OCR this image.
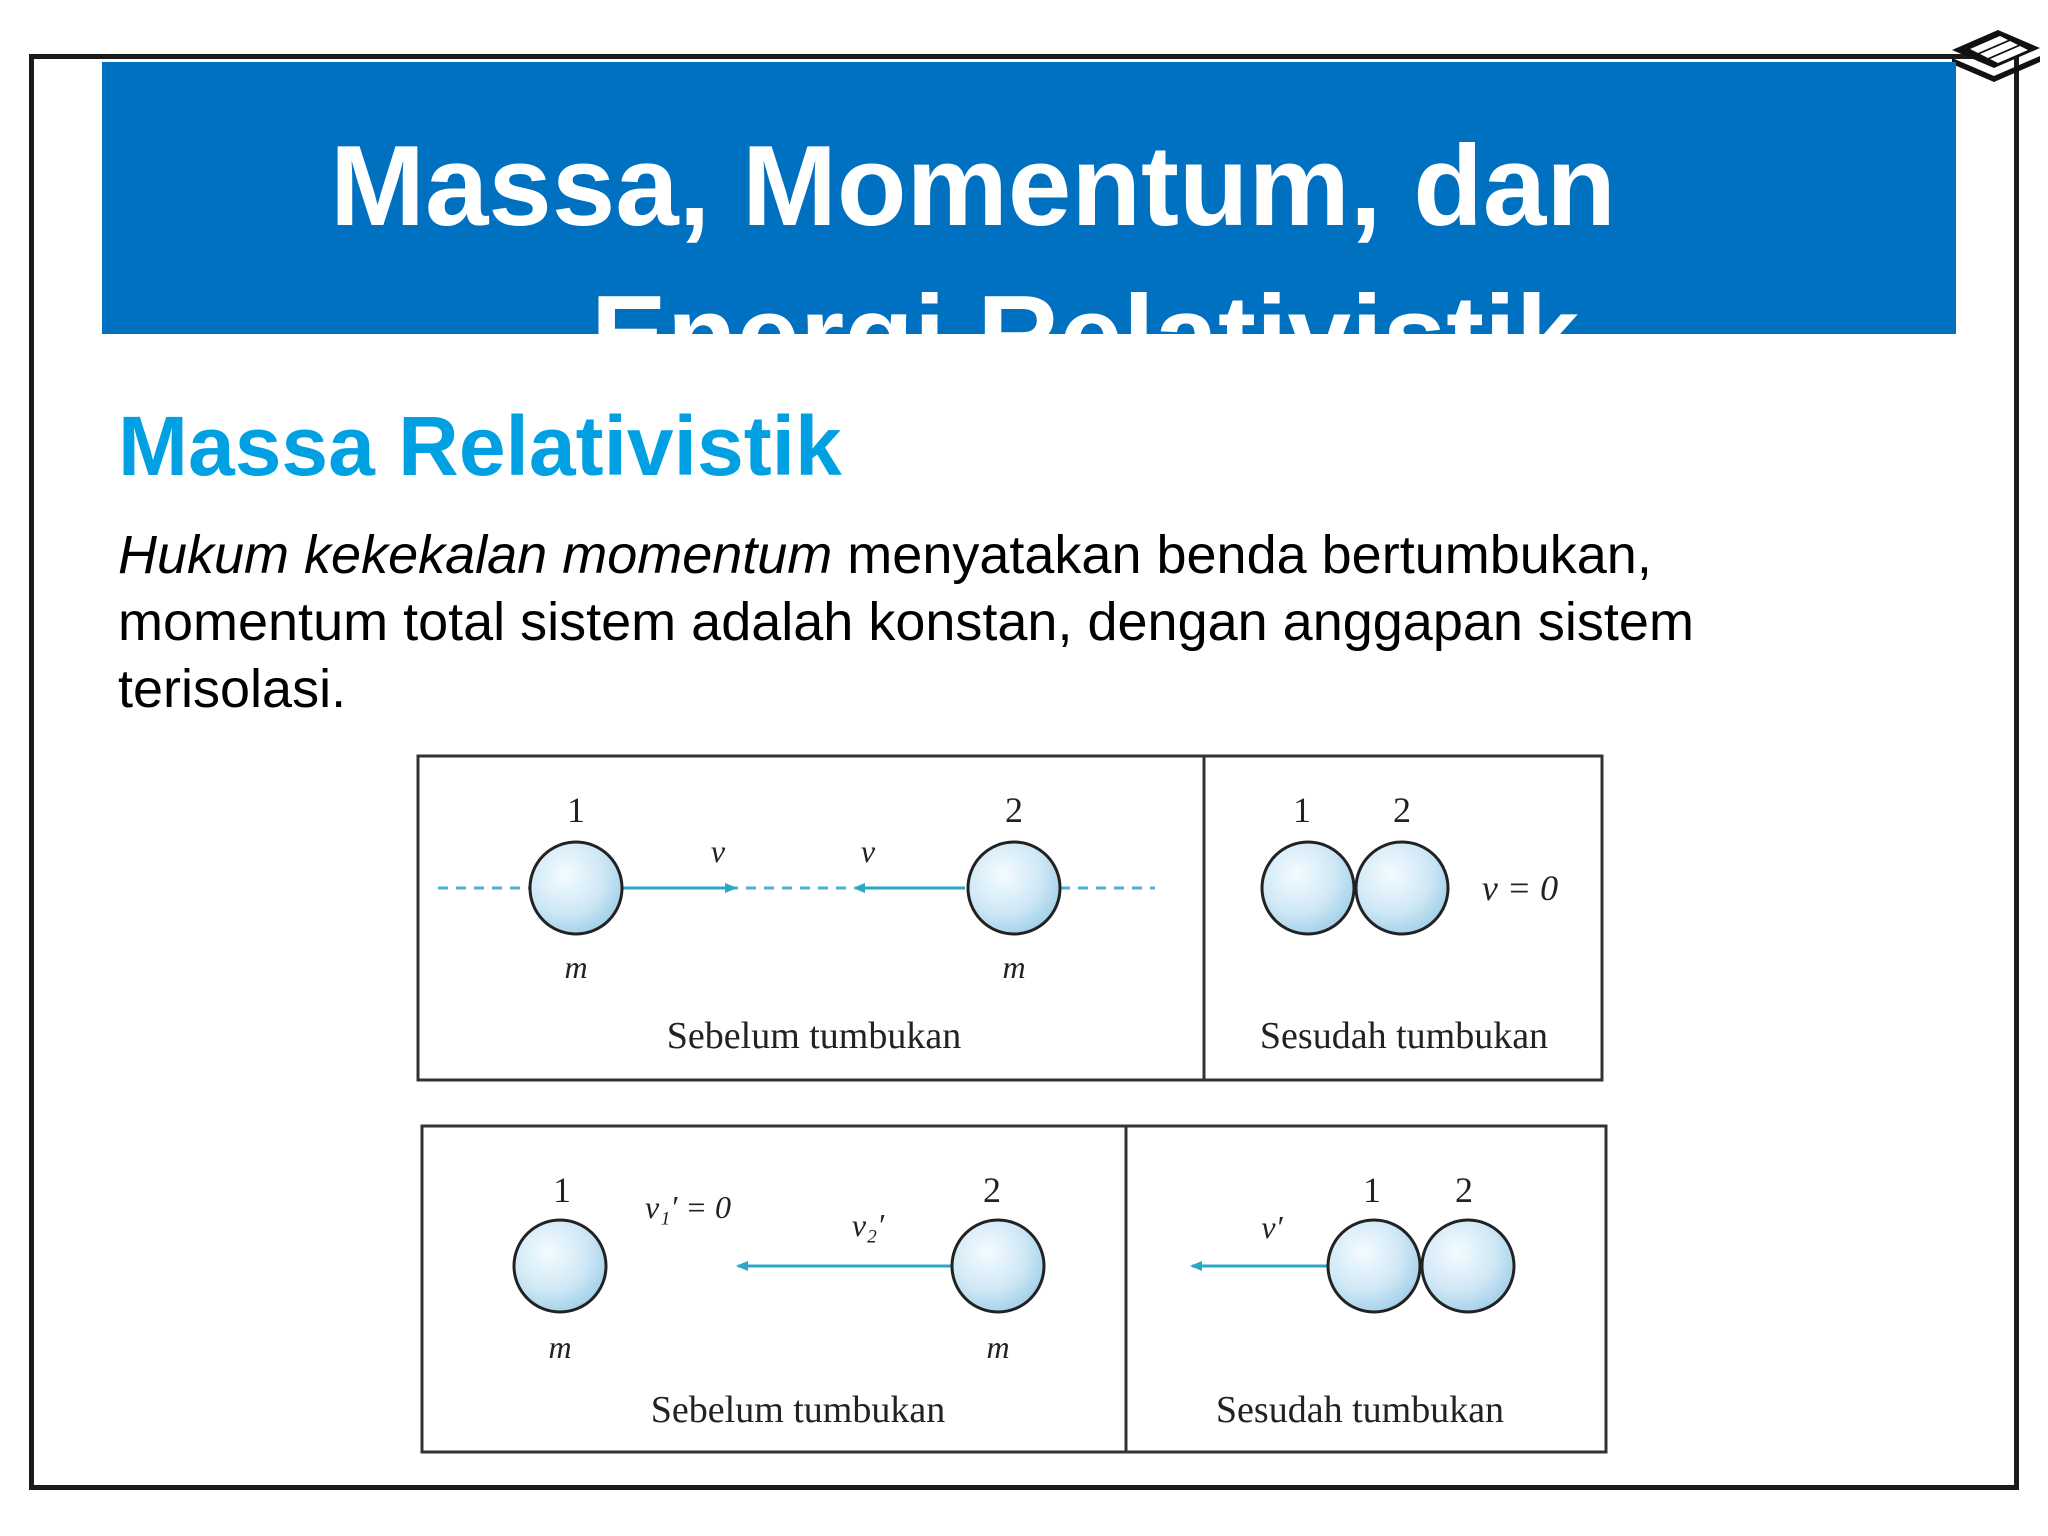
Massa, Momentum, dan
Energi Relativistik
Massa Relativistik
Hukum kekekalan momentum menyatakan benda bertumbukan,
momentum total sistem adalah konstan, dengan anggapan sistem
terisolasi.
1	2
v	v
m	m
Sebelum tumbukan
1 2
v = 0
Sesudah tumbukan
1	2
v₁′ = 0	v₂′
m	m
Sebelum tumbukan
1 2
v′
Sesudah tumbukan
